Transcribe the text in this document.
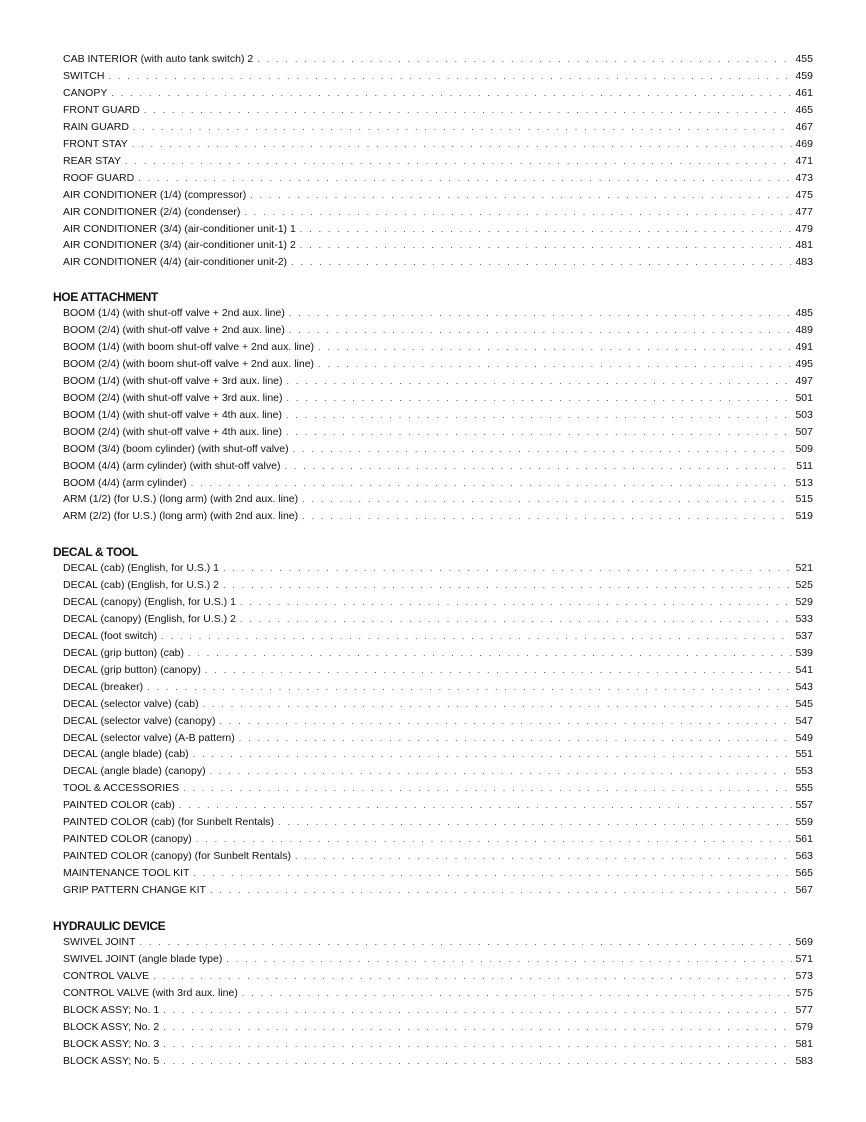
CAB INTERIOR (with auto tank switch) 2 . . .	455
SWITCH . . .	459
CANOPY . . .	461
FRONT GUARD . . .	465
RAIN GUARD . . .	467
FRONT STAY . . .	469
REAR STAY . . .	471
ROOF GUARD . . .	473
AIR CONDITIONER (1/4) (compressor) . . .	475
AIR CONDITIONER (2/4) (condenser) . . .	477
AIR CONDITIONER (3/4) (air-conditioner unit-1) 1 . . .	479
AIR CONDITIONER (3/4) (air-conditioner unit-1) 2 . . .	481
AIR CONDITIONER (4/4) (air-conditioner unit-2) . . .	483
HOE ATTACHMENT
BOOM (1/4) (with shut-off valve + 2nd aux. line) . . .	485
BOOM (2/4) (with shut-off valve + 2nd aux. line) . . .	489
BOOM (1/4) (with boom shut-off valve + 2nd aux. line) . . .	491
BOOM (2/4) (with boom shut-off valve + 2nd aux. line) . . .	495
BOOM (1/4) (with shut-off valve + 3rd aux. line) . . .	497
BOOM (2/4) (with shut-off valve + 3rd aux. line) . . .	501
BOOM (1/4) (with shut-off valve + 4th aux. line) . . .	503
BOOM (2/4) (with shut-off valve + 4th aux. line) . . .	507
BOOM (3/4) (boom cylinder) (with shut-off valve) . . .	509
BOOM (4/4) (arm cylinder) (with shut-off valve) . . .	511
BOOM (4/4) (arm cylinder) . . .	513
ARM (1/2) (for U.S.) (long arm) (with 2nd aux. line) . . .	515
ARM (2/2) (for U.S.) (long arm) (with 2nd aux. line) . . .	519
DECAL & TOOL
DECAL (cab) (English, for U.S.) 1 . . .	521
DECAL (cab) (English, for U.S.) 2 . . .	525
DECAL (canopy) (English, for U.S.) 1 . . .	529
DECAL (canopy) (English, for U.S.) 2 . . .	533
DECAL (foot switch) . . .	537
DECAL (grip button) (cab) . . .	539
DECAL (grip button) (canopy) . . .	541
DECAL (breaker) . . .	543
DECAL (selector valve) (cab) . . .	545
DECAL (selector valve) (canopy) . . .	547
DECAL (selector valve) (A-B pattern) . . .	549
DECAL (angle blade) (cab) . . .	551
DECAL (angle blade) (canopy) . . .	553
TOOL & ACCESSORIES . . .	555
PAINTED COLOR (cab) . . .	557
PAINTED COLOR (cab) (for Sunbelt Rentals) . . .	559
PAINTED COLOR (canopy) . . .	561
PAINTED COLOR (canopy) (for Sunbelt Rentals) . . .	563
MAINTENANCE TOOL KIT . . .	565
GRIP PATTERN CHANGE KIT . . .	567
HYDRAULIC DEVICE
SWIVEL JOINT . . .	569
SWIVEL JOINT (angle blade type) . . .	571
CONTROL VALVE . . .	573
CONTROL VALVE (with 3rd aux. line) . . .	575
BLOCK ASSY; No. 1 . . .	577
BLOCK ASSY; No. 2 . . .	579
BLOCK ASSY; No. 3 . . .	581
BLOCK ASSY; No. 5 . . .	583
